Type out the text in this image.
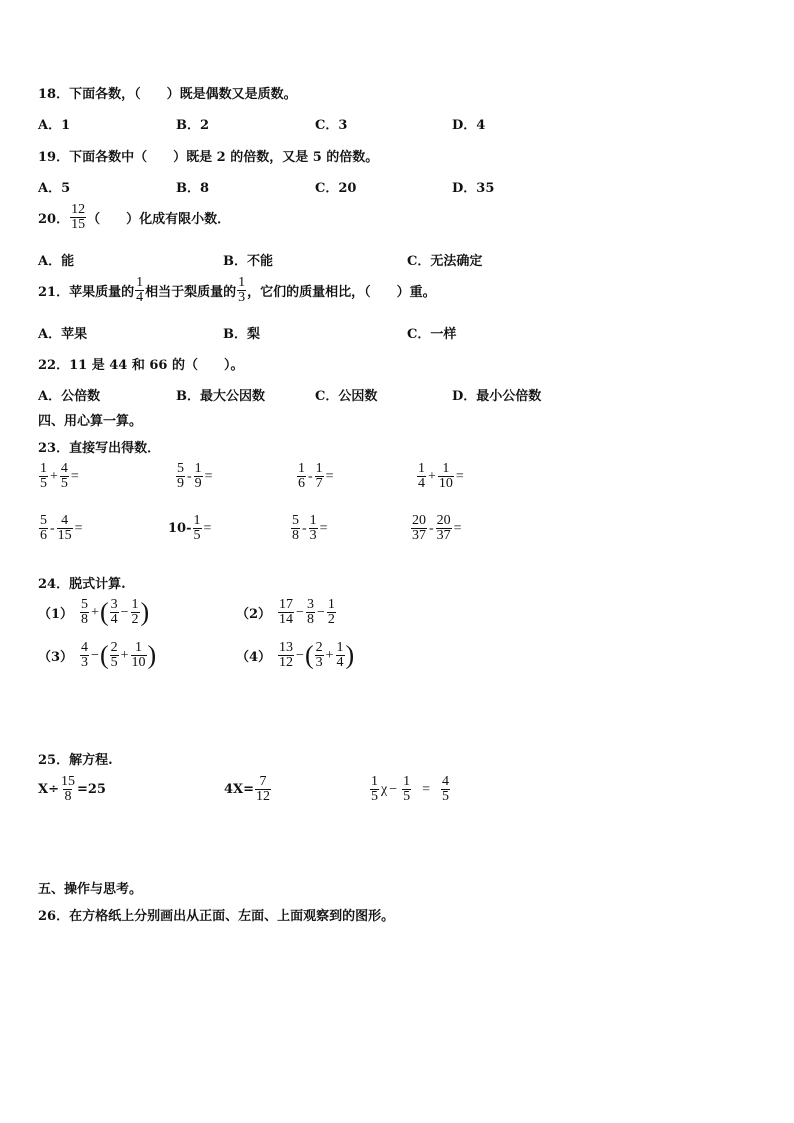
18．下面各数，（　　）既是偶数又是质数。
A．1	B．2	C．3	D．4
19．下面各数中（　　）既是 2 的倍数，又是 5 的倍数。
A．5	B．8	C．20	D．35
20． $\frac{12}{15}$ （　　）化成有限小数．
A．能	B．不能	C．无法确定
21．苹果质量的 $\frac{1}{4}$ 相当于梨质量的 $\frac{1}{3}$ ，它们的质量相比，（　　）重。
A．苹果	B．梨	C．一样
22．11 是 44 和 66 的（　　）。
A．公倍数	B．最大公因数	C．公因数	D．最小公倍数
四、用心算一算。
23．直接写出得数．
$\frac{1}{5} + \frac{4}{5}$ =	$\frac{5}{9} - \frac{1}{9}$ =	$\frac{1}{6} - \frac{1}{7}$ =	$\frac{1}{4} + \frac{1}{10}$ =
$\frac{5}{6} - \frac{4}{15}$ =	$10- \frac{1}{5}$ =	$\frac{5}{8} - \frac{1}{3}$ =	$\frac{20}{37} - \frac{20}{37}$ =
24．脱式计算.
$(1) \frac{5}{8}$ +( $\frac{3}{4} - \frac{1}{2}$ )	$(2) \frac{17}{14} - \frac{3}{8} - \frac{1}{2}$
$(3) \frac{4}{3}$ −( $\frac{2}{5} + \frac{1}{10}$ )	$(4) \frac{13}{12}$ −( $\frac{2}{3} + \frac{1}{4}$ )
25．解方程.
$X\div \frac{15}{8} =25$	$4X= \frac{7}{12}$	$\frac{1}{5}$ $\chi - \frac{1}{5} = \frac{4}{5}$
五、操作与思考。
26．在方格纸上分别画出从正面、左面、上面观察到的图形。
